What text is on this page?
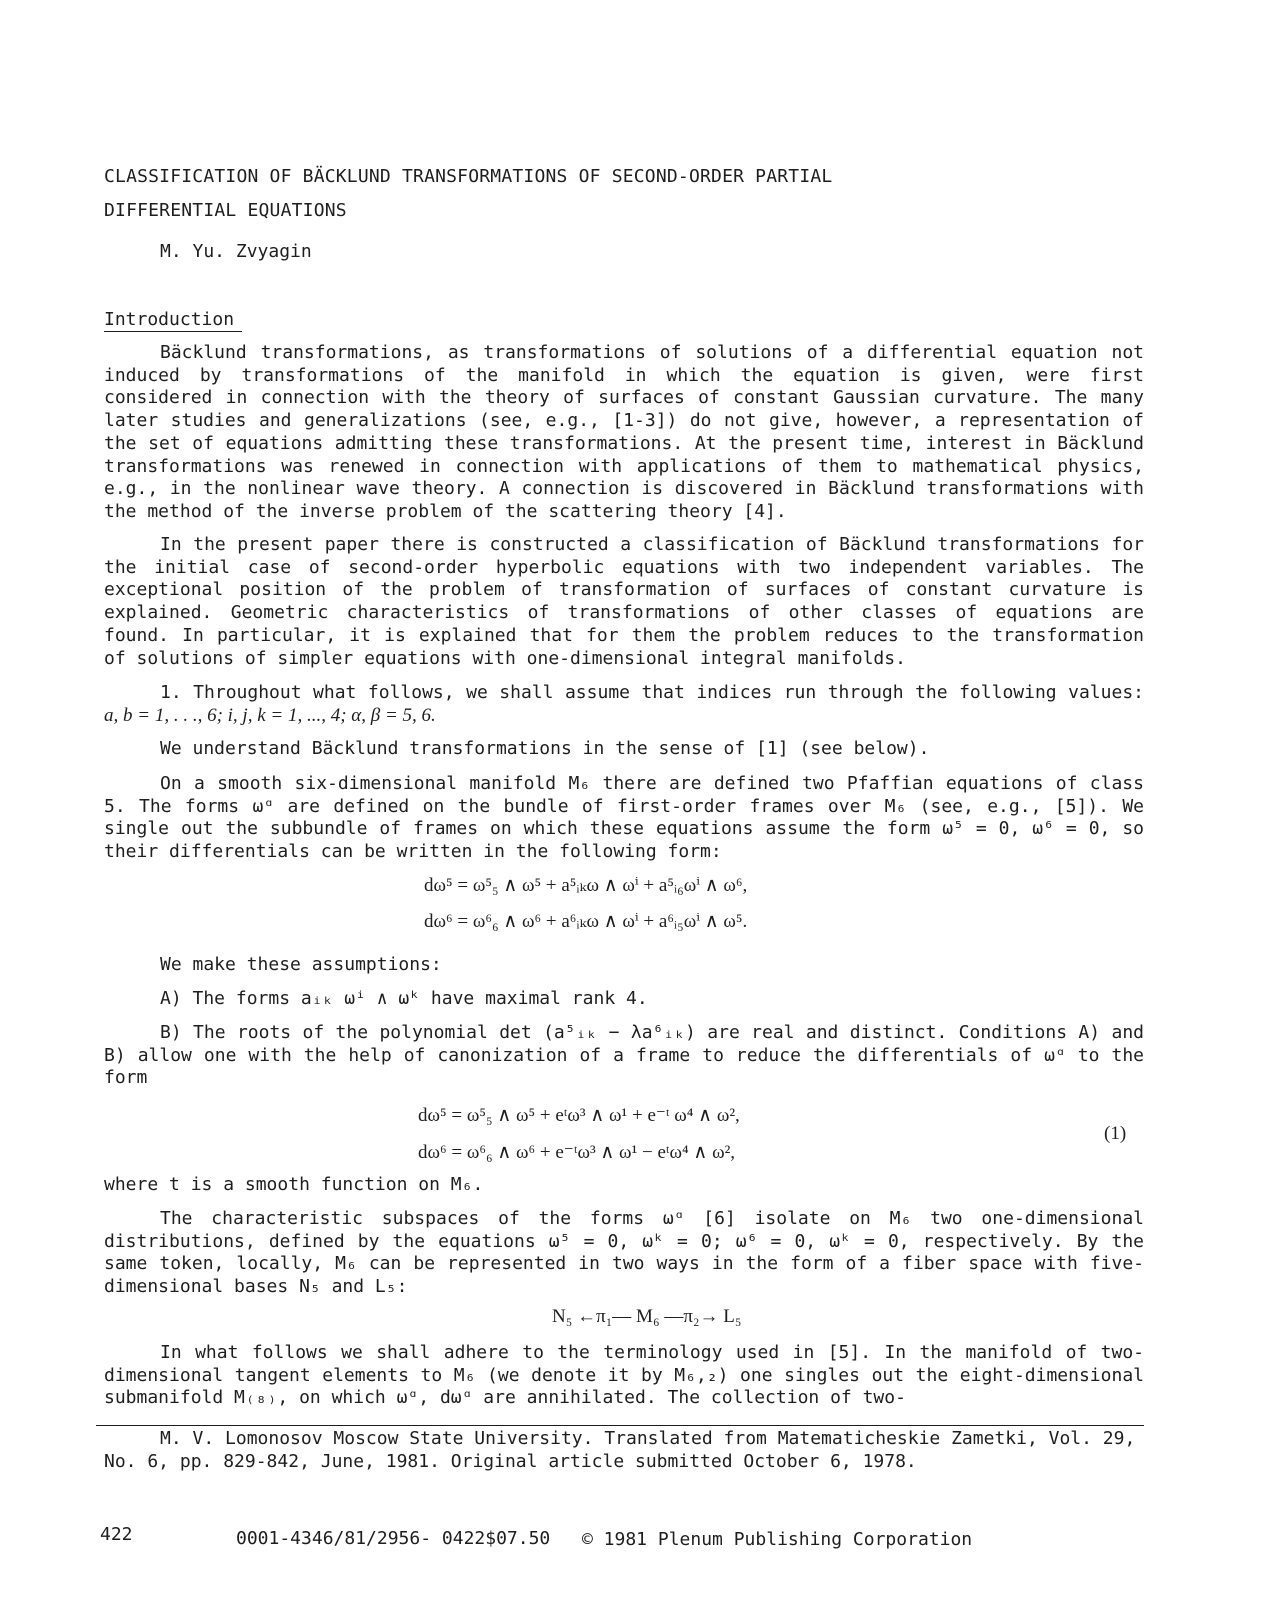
CLASSIFICATION OF BÄCKLUND TRANSFORMATIONS OF SECOND-ORDER PARTIAL
DIFFERENTIAL EQUATIONS
M. Yu. Zvyagin
Introduction
Bäcklund transformations, as transformations of solutions of a differential equation not induced by transformations of the manifold in which the equation is given, were first considered in connection with the theory of surfaces of constant Gaussian curvature. The many later studies and generalizations (see, e.g., [1-3]) do not give, however, a representation of the set of equations admitting these transformations. At the present time, interest in Bäcklund transformations was renewed in connection with applications of them to mathematical physics, e.g., in the nonlinear wave theory. A connection is discovered in Bäcklund transformations with the method of the inverse problem of the scattering theory [4].
In the present paper there is constructed a classification of Bäcklund transformations for the initial case of second-order hyperbolic equations with two independent variables. The exceptional position of the problem of transformation of surfaces of constant curvature is explained. Geometric characteristics of transformations of other classes of equations are found. In particular, it is explained that for them the problem reduces to the transformation of solutions of simpler equations with one-dimensional integral manifolds.
1. Throughout what follows, we shall assume that indices run through the following values: a, b = 1, . . ., 6; i, j, k = 1, ..., 4; α, β = 5, 6.
We understand Bäcklund transformations in the sense of [1] (see below).
On a smooth six-dimensional manifold M₆ there are defined two Pfaffian equations of class 5. The forms ωᵅ are defined on the bundle of first-order frames over M₆ (see, e.g., [5]). We single out the subbundle of frames on which these equations assume the form ω⁵ = 0, ω⁶ = 0, so their differentials can be written in the following form:
dω⁵ = ω⁵₅ ∧ ω⁵ + a⁵ᵢₖω ∧ ωⁱ + a⁵ᵢ₆ωⁱ ∧ ω⁶,
dω⁶ = ω⁶₆ ∧ ω⁶ + a⁶ᵢₖω ∧ ωⁱ + a⁶ᵢ₅ωⁱ ∧ ω⁵.
We make these assumptions:
A) The forms aᵢₖ ωⁱ ∧ ωᵏ have maximal rank 4.
B) The roots of the polynomial det (a⁵ᵢₖ − λa⁶ᵢₖ) are real and distinct. Conditions A) and B) allow one with the help of canonization of a frame to reduce the differentials of ωᵅ to the form
dω⁵ = ω⁵₅ ∧ ω⁵ + eᵗω³ ∧ ω¹ + e⁻ᵗ ω⁴ ∧ ω²,
dω⁶ = ω⁶₆ ∧ ω⁶ + e⁻ᵗω³ ∧ ω¹ − eᵗω⁴ ∧ ω²,
(1)
where t is a smooth function on M₆.
The characteristic subspaces of the forms ωᵅ [6] isolate on M₆ two one-dimensional distributions, defined by the equations ω⁵ = 0, ωᵏ = 0; ω⁶ = 0, ωᵏ = 0, respectively. By the same token, locally, M₆ can be represented in two ways in the form of a fiber space with five-dimensional bases N₅ and L₅:
N₅ ←π₁— M₆ —π₂→ L₅
In what follows we shall adhere to the terminology used in [5]. In the manifold of two-dimensional tangent elements to M₆ (we denote it by M₆,₂) one singles out the eight-dimensional submanifold M₍₈₎, on which ωᵅ, dωᵅ are annihilated. The collection of two-
M. V. Lomonosov Moscow State University. Translated from Matematicheskie Zametki, Vol. 29, No. 6, pp. 829-842, June, 1981. Original article submitted October 6, 1978.
422	0001-4346/81/2956- 0422$07.50 © 1981 Plenum Publishing Corporation
